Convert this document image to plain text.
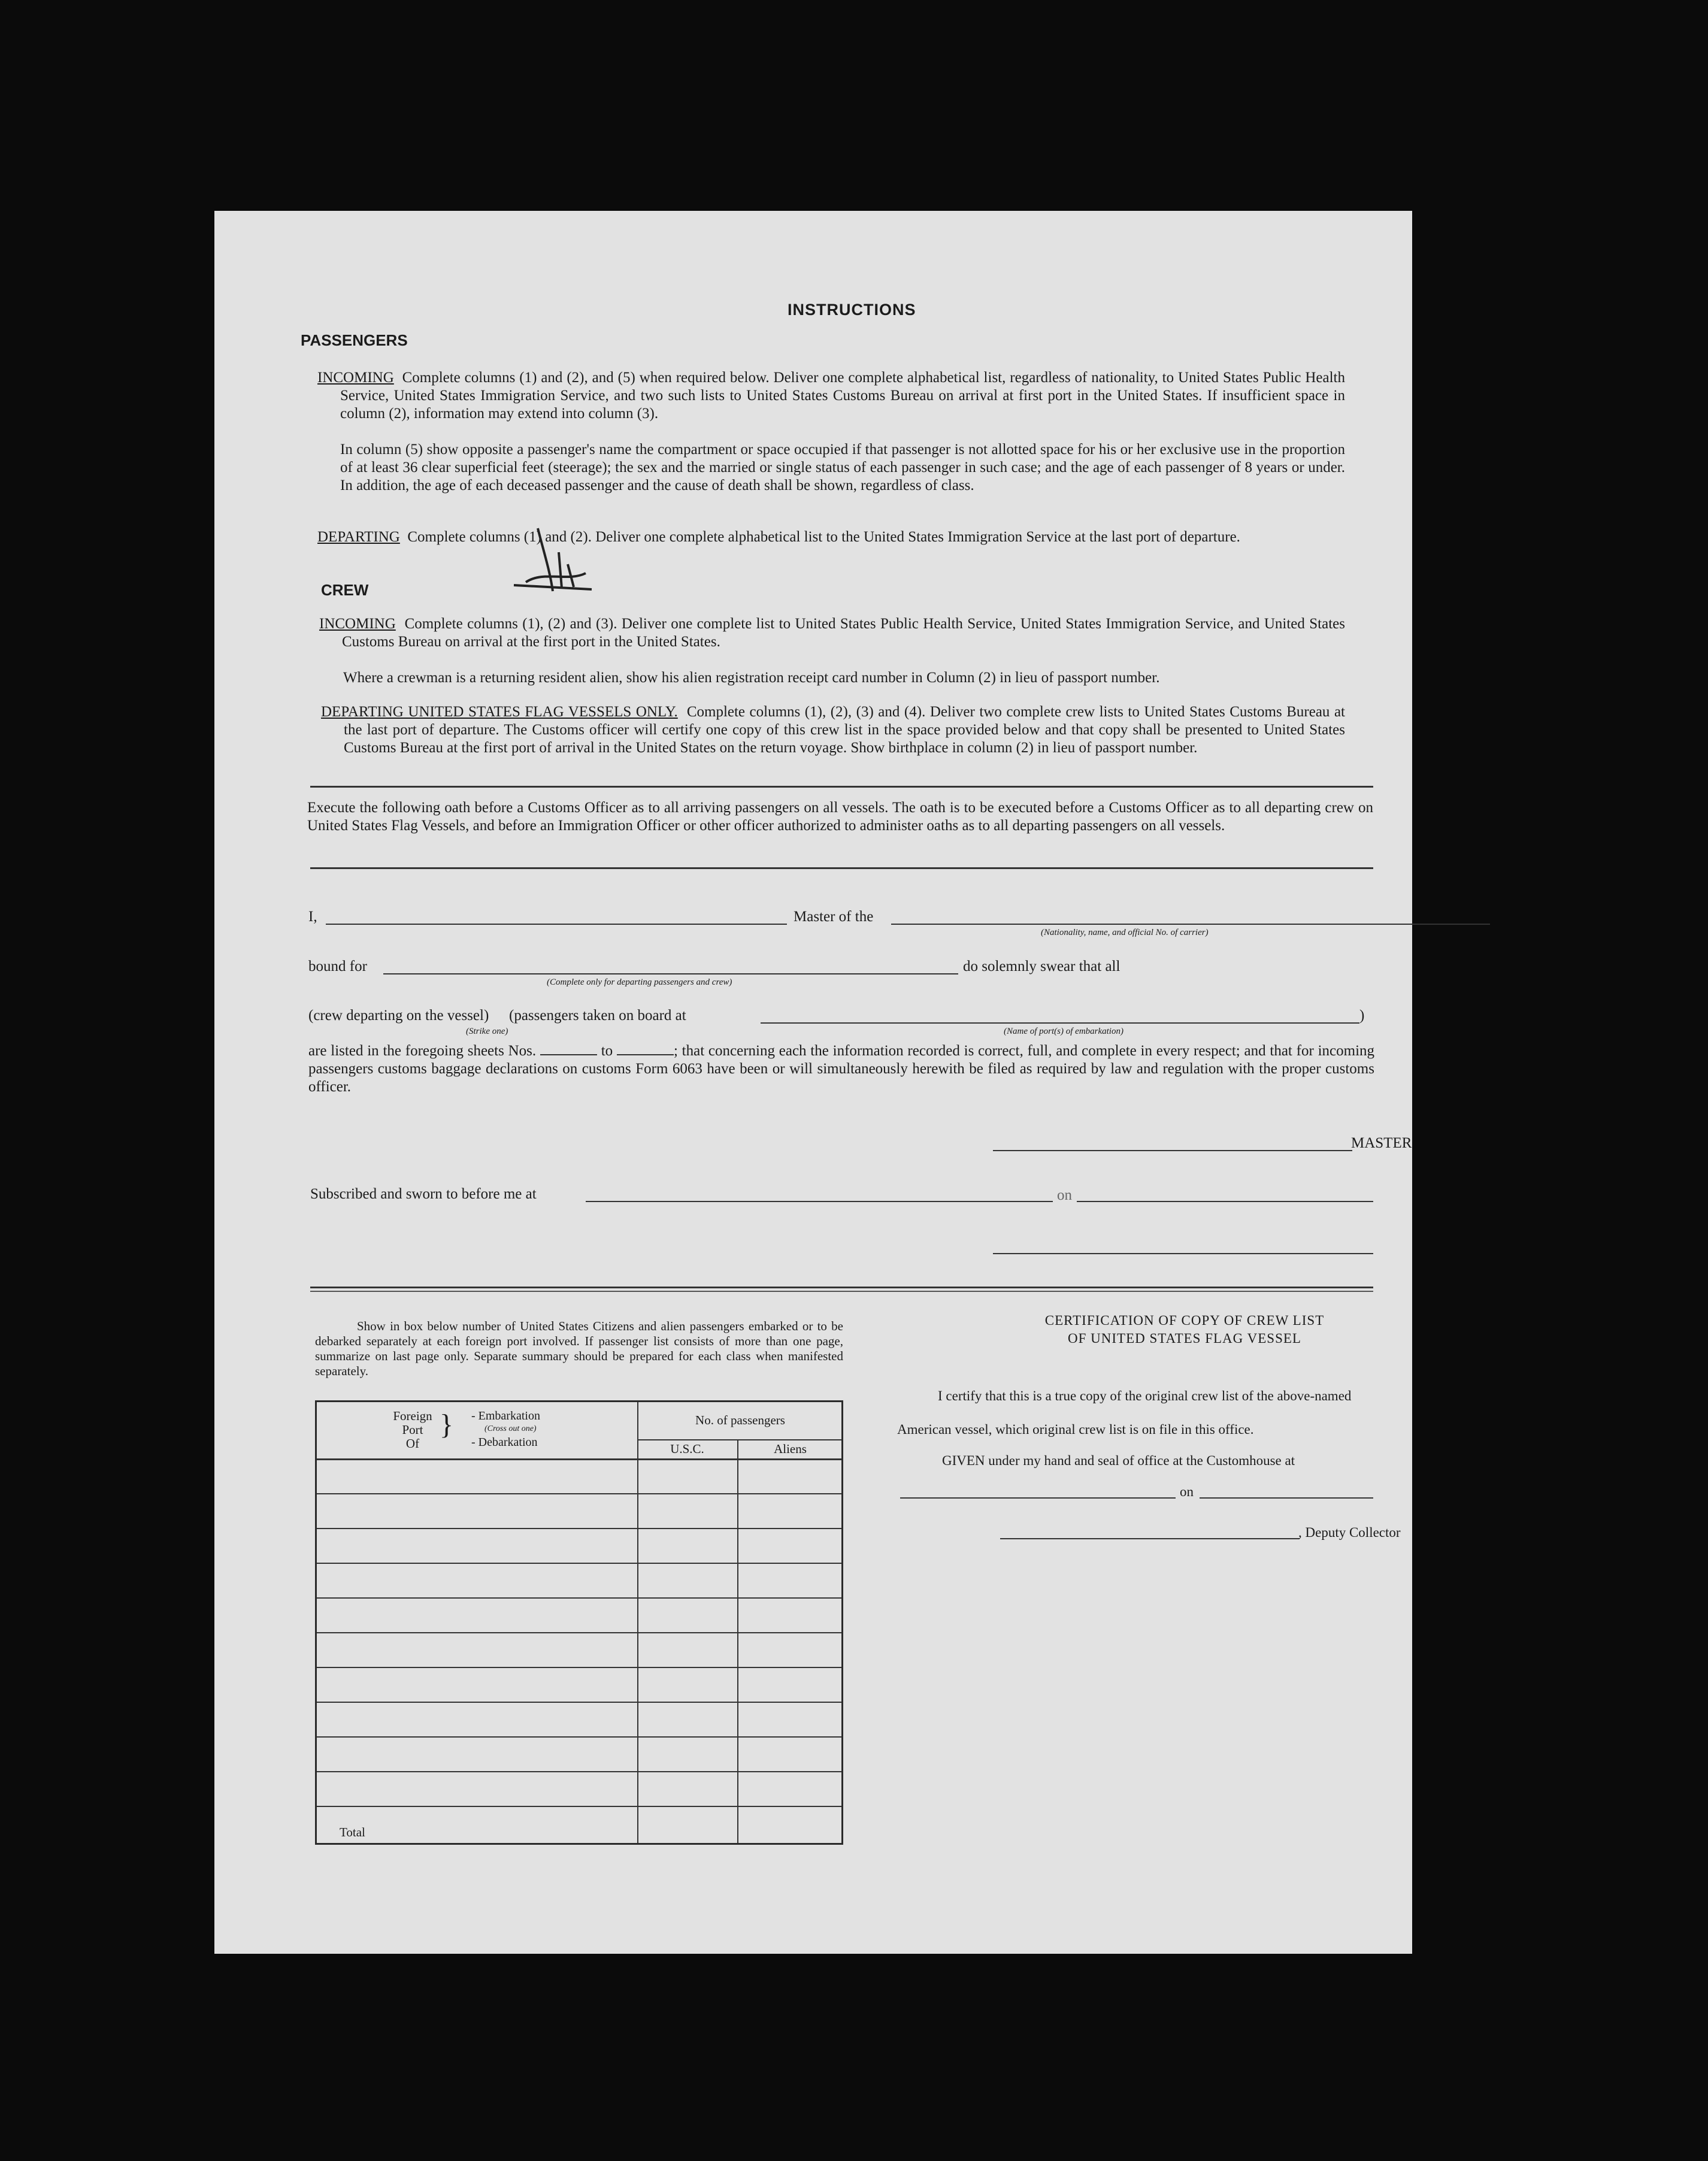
INSTRUCTIONS
PASSENGERS

INCOMING Complete columns (1) and (2), and (5) when required below. Deliver one complete alphabetical list, regardless of nationality, to United States Public Health Service, United States Immigration Service, and two such lists to United States Customs Bureau on arrival at first port in the United States. If insufficient space in column (2), information may extend into column (3).

In column (5) show opposite a passenger's name the compartment or space occupied if that passenger is not allotted space for his or her exclusive use in the proportion of at least 36 clear superficial feet (steerage); the sex and the married or single status of each passenger in such case; and the age of each passenger of 8 years or under. In addition, the age of each deceased passenger and the cause of death shall be shown, regardless of class.

DEPARTING Complete columns (1) and (2). Deliver one complete alphabetical list to the United States Immigration Service at the last port of departure.

CREW

INCOMING Complete columns (1), (2) and (3). Deliver one complete list to United States Public Health Service, United States Immigration Service, and United States Customs Bureau on arrival at the first port in the United States.

Where a crewman is a returning resident alien, show his alien registration receipt card number in Column (2) in lieu of passport number.

DEPARTING UNITED STATES FLAG VESSELS ONLY. Complete columns (1), (2), (3) and (4). Deliver two complete crew lists to United States Customs Bureau at the last port of departure. The Customs officer will certify one copy of this crew list in the space provided below and that copy shall be presented to United States Customs Bureau at the first port of arrival in the United States on the return voyage. Show birthplace in column (2) in lieu of passport number.

Execute the following oath before a Customs Officer as to all arriving passengers on all vessels. The oath is to be executed before a Customs Officer as to all departing crew on United States Flag Vessels, and before an Immigration Officer or other officer authorized to administer oaths as to all departing passengers on all vessels.

I,	Master of the
(Nationality, name, and official No. of carrier)
bound for
(Complete only for departing passengers and crew)
do solemnly swear that all
(crew departing on the vessel) (passengers taken on board at
(Strike one)
)
(Name of port(s) of embarkation)

are listed in the foregoing sheets Nos.	to	; that concerning each the information recorded is correct, full, and complete in every respect; and that for incoming passengers customs baggage declarations on customs Form 6063 have been or will simultaneously herewith be filed as required by law and regulation with the proper customs officer.

MASTER
Subscribed and sworn to before me at	on

Show in box below number of United States Citizens and alien passengers embarked or to be debarked separately at each foreign port involved. If passenger list consists of more than one page, summarize on last page only. Separate summary should be prepared for each class when manifested separately.

Foreign
Port
Of
} - Embarkation
(Cross out one)
- Debarkation
No. of passengers
U.S.C.	Aliens
Total
CERTIFICATION OF COPY OF CREW LIST
OF UNITED STATES FLAG VESSEL
I certify that this is a true copy of the original crew list of the above-named
American vessel, which original crew list is on file in this office.
GIVEN under my hand and seal of office at the Customhouse at
on
, Deputy Collector
